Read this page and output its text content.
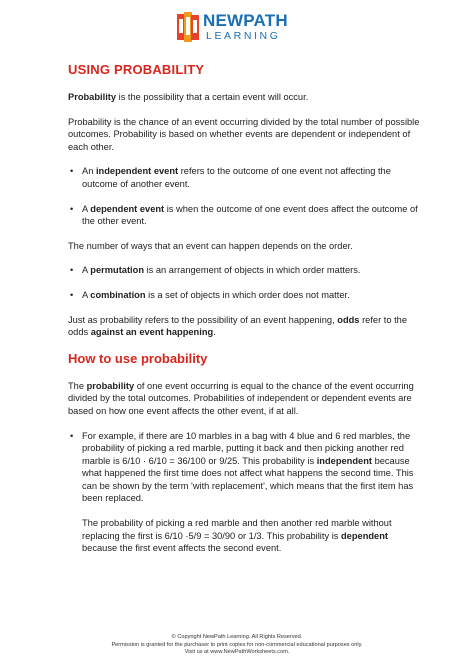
NEWPATH
LEARNING
USING PROBABILITY

Probability is the possibility that a certain event will occur.

Probability is the chance of an event occurring divided by the total number of possible outcomes. Probability is based on whether events are dependent or independent of each other.

• An independent event refers to the outcome of one event not affecting the outcome of another event.
• A dependent event is when the outcome of one event does affect the outcome of the other event.

The number of ways that an event can happen depends on the order.

• A permutation is an arrangement of objects in which order matters.
• A combination is a set of objects in which order does not matter.

Just as probability refers to the possibility of an event happening, odds refer to the odds against an event happening.

How to use probability

The probability of one event occurring is equal to the chance of the event occurring divided by the total outcomes. Probabilities of independent or dependent events are based on how one event affects the other event, if at all.

• For example, if there are 10 marbles in a bag with 4 blue and 6 red marbles, the probability of picking a red marble, putting it back and then picking another red marble is 6/10 · 6/10 = 36/100 or 9/25. This probability is independent because what happened the first time does not affect what happens the second time. This can be shown by the term 'with replacement', which means that the first item has been replaced.
The probability of picking a red marble and then another red marble without replacing the first is 6/10 ·5/9 = 30/90 or 1/3. This probability is dependent because the first event affects the second event.
© Copyright NewPath Learning. All Rights Reserved.
Permission is granted for the purchaser to print copies for non-commercial educational purposes only.
Visit us at www.NewPathWorksheets.com.
